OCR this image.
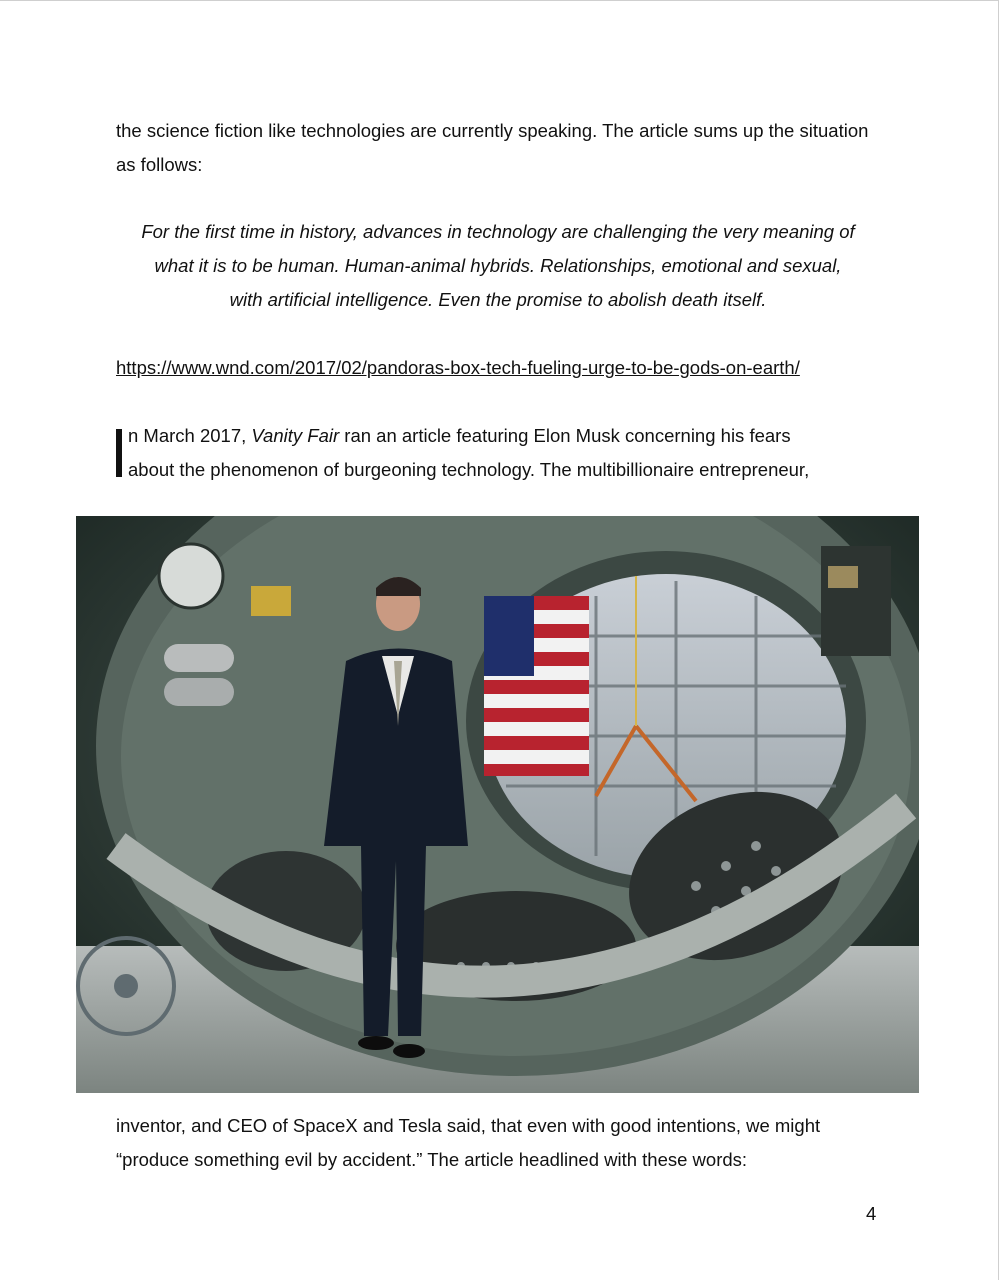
the science fiction like technologies are currently speaking. The article sums up the situation as follows:

For the first time in history, advances in technology are challenging the very meaning of
what it is to be human. Human-animal hybrids. Relationships, emotional and sexual,
with artificial intelligence. Even the promise to abolish death itself.
https://www.wnd.com/2017/02/pandoras-box-tech-fueling-urge-to-be-gods-on-earth/
n March 2017, Vanity Fair ran an article featuring Elon Musk concerning his fears
about the phenomenon of burgeoning technology. The multibillionaire entrepreneur,
inventor, and CEO of SpaceX and Tesla said, that even with good intentions, we might
“produce something evil by accident.” The article headlined with these words:
4
